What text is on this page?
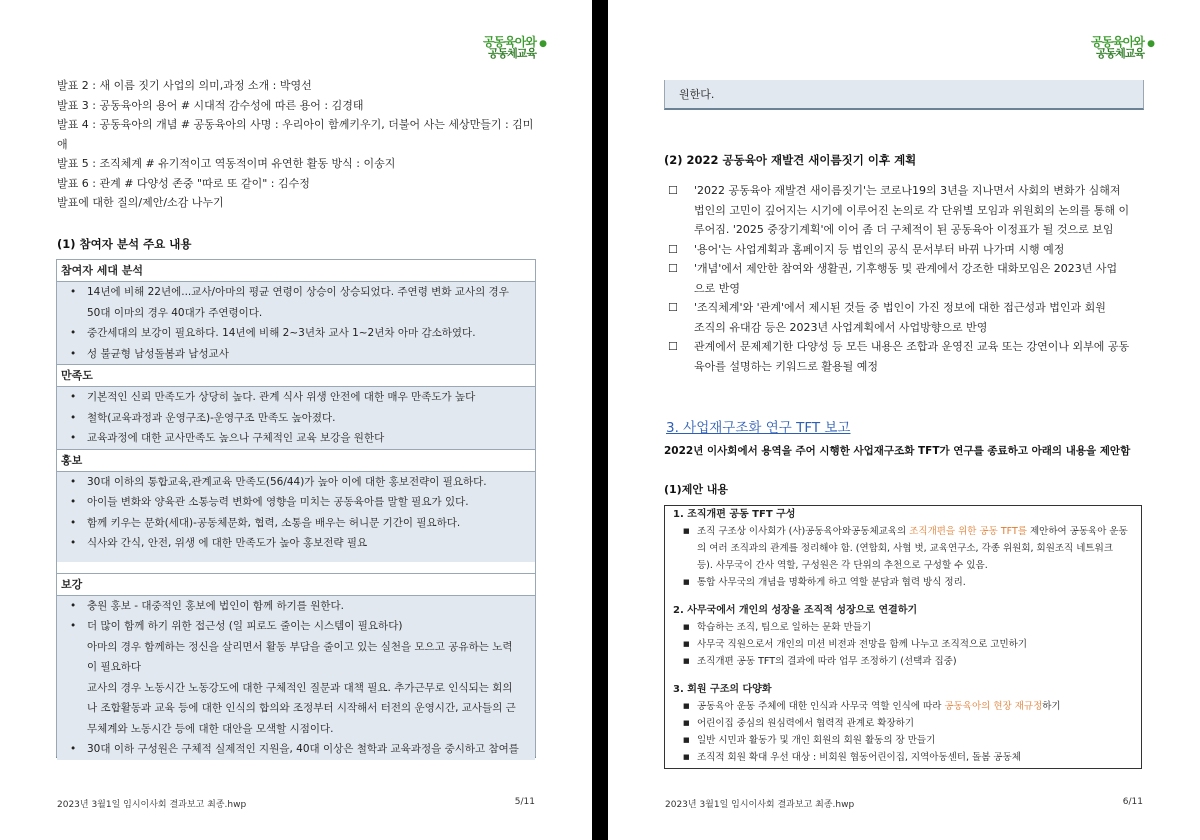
공동육아와
공동체교육
●
발표 2 : 새 이름 짓기 사업의 의미,과정 소개 : 박영선
발표 3 : 공동육아의 용어 # 시대적 감수성에 따른 용어 : 김경태
발표 4 : 공동육아의 개념 # 공동육아의 사명 : 우리아이 함께키우기, 더불어 사는 세상만들기 : 김미
애
발표 5 : 조직체계 # 유기적이고 역동적이며 유연한 활동 방식 : 이송지
발표 6 : 관계 # 다양성 존중 "따로 또 같이" : 김수정
발표에 대한 질의/제안/소감 나누기
(1) 참여자 분석 주요 내용
참여자 세대 분석
• 14년에 비해 22년에...교사/아마의 평균 연령이 상승이 상승되었다. 주연령 변화 교사의 경우
50대 이마의 경우 40대가 주연령이다.
• 중간세대의 보강이 필요하다. 14년에 비해 2~3년차 교사 1~2년차 아마 감소하였다.
• 성 불균형 남성돌봄과 남성교사
만족도
• 기본적인 신뢰 만족도가 상당히 높다. 관계 식사 위생 안전에 대한 매우 만족도가 높다
• 철학(교육과정과 운영구조)-운영구조 만족도 높아졌다.
• 교육과정에 대한 교사만족도 높으나 구체적인 교육 보강을 원한다
홍보
• 30대 이하의 통합교육,관계교육 만족도(56/44)가 높아 이에 대한 홍보전략이 필요하다.
• 아이들 변화와 양육관 소통능력 변화에 영향을 미치는 공동육아를 말할 필요가 있다.
• 함께 키우는 문화(세대)-공동체문화, 협력, 소통을 배우는 허니문 기간이 필요하다.
• 식사와 간식, 안전, 위생 에 대한 만족도가 높아 홍보전략 필요
보강
• 충원 홍보 - 대중적인 홍보에 법인이 함께 하기를 원한다.
• 더 많이 함께 하기 위한 접근성 (일 피로도 줄이는 시스템이 필요하다)
아마의 경우 함께하는 정신을 살리면서 활동 부담을 줄이고 있는 실천을 모으고 공유하는 노력
이 필요하다
교사의 경우 노동시간 노동강도에 대한 구체적인 질문과 대책 필요. 추가근무로 인식되는 회의
나 조합활동과 교육 등에 대한 인식의 합의와 조정부터 시작해서 터전의 운영시간, 교사들의 근
무체계와 노동시간 등에 대한 대안을 모색할 시점이다.
• 30대 이하 구성원은 구체적 실제적인 지원을, 40대 이상은 철학과 교육과정을 중시하고 참여를
2023년 3월1일 임시이사회 결과보고 최종.hwp	5/11
공동육아와
공동체교육
●
원한다.
(2) 2022 공동육아 재발견 새이름짓기 이후 계획
☐ '2022 공동육아 재발견 새이름짓기'는 코로나19의 3년을 지나면서 사회의 변화가 심해져
법인의 고민이 깊어지는 시기에 이루어진 논의로 각 단위별 모임과 위원회의 논의를 통해 이
루어짐. '2025 중장기계획'에 이어 좀 더 구체적이 된 공동육아 이정표가 될 것으로 보임
☐ '용어'는 사업계획과 홈페이지 등 법인의 공식 문서부터 바뀌 나가며 시행 예정
☐ '개념'에서 제안한 참여와 생활권, 기후행동 및 관계에서 강조한 대화모임은 2023년 사업
으로 반영
☐ '조직체계'와 '관계'에서 제시된 것들 중 법인이 가진 정보에 대한 접근성과 법인과 회원
조직의 유대감 등은 2023년 사업계획에서 사업방향으로 반영
☐ 관계에서 문제제기한 다양성 등 모든 내용은 조합과 운영진 교육 또는 강연이나 외부에 공동
육아를 설명하는 키워드로 활용될 예정
3. 사업재구조화 연구 TFT 보고
2022년 이사회에서 용역을 주어 시행한 사업재구조화 TFT가 연구를 종료하고 아래의 내용을 제안함
(1)제안 내용
1. 조직개편 공동 TFT 구성
■ 조직 구조상 이사회가 (사)공동육아와공동체교육의 조직개편을 위한 공동 TFT를 제안하여 공동육아 운동
의 여러 조직과의 관계를 정리해야 함. (연합회, 사협 벗, 교육연구소, 각종 위원회, 회원조직 네트워크
등). 사무국이 간사 역할, 구성원은 각 단위의 추천으로 구성할 수 있음.
■ 통합 사무국의 개념을 명확하게 하고 역할 분담과 협력 방식 정리.
2. 사무국에서 개인의 성장을 조직적 성장으로 연결하기
■ 학습하는 조직, 팀으로 일하는 문화 만들기
■ 사무국 직원으로서 개인의 미션 비전과 전망을 함께 나누고 조직적으로 고민하기
■ 조직개편 공동 TFT의 결과에 따라 업무 조정하기 (선택과 집중)
3. 회원 구조의 다양화
■ 공동육아 운동 주체에 대한 인식과 사무국 역할 인식에 따라 공동육아의 현장 재규정하기
■ 어린이집 중심의 원심력에서 협력적 관계로 확장하기
■ 일반 시민과 활동가 및 개인 회원의 회원 활동의 장 만들기
■ 조직적 회원 확대 우선 대상 : 비회원 협동어린이집, 지역아동센터, 돌봄 공동체
2023년 3월1일 임시이사회 결과보고 최종.hwp	6/11
